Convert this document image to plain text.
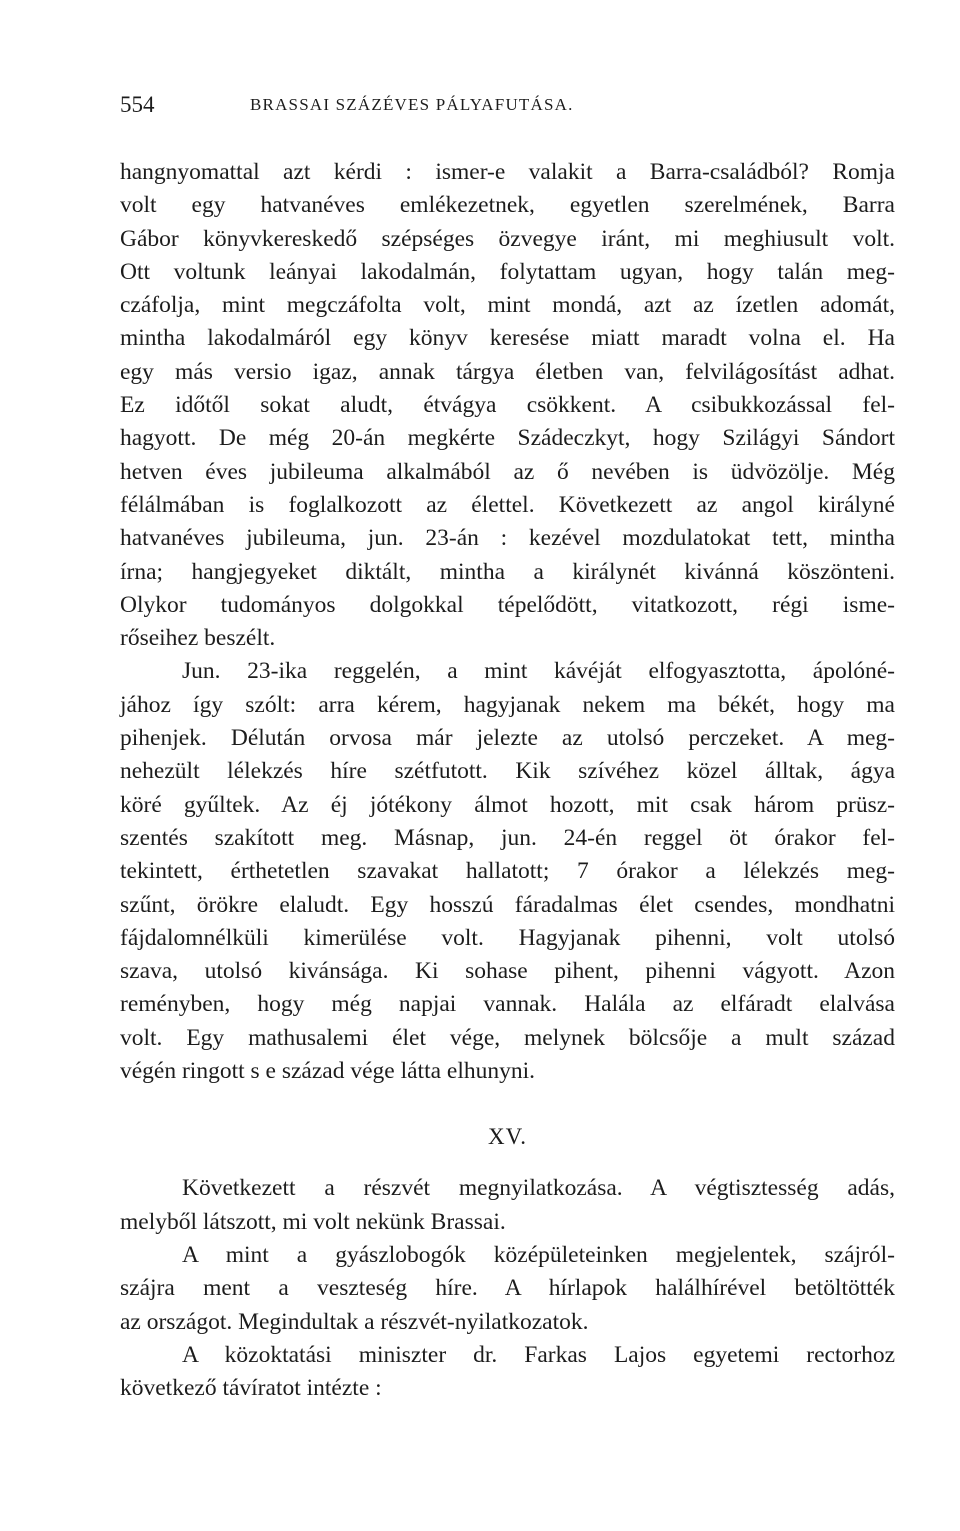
554	BRASSAI SZÁZÉVES PÁLYAFUTÁSA.
hangnyomattal azt kérdi : ismer-e valakit a Barra-családból? Romja
volt egy hatvanéves emlékezetnek, egyetlen szerelmének, Barra
Gábor könyvkereskedő szépséges özvegye iránt, mi meghiusult volt.
Ott voltunk leányai lakodalmán, folytattam ugyan, hogy talán meg-
czáfolja, mint megczáfolta volt, mint mondá, azt az ízetlen adomát,
mintha lakodalmáról egy könyv keresése miatt maradt volna el. Ha
egy más versio igaz, annak tárgya életben van, felvilágosítást adhat.
Ez időtől sokat aludt, étvágya csökkent. A csibukkozással fel-
hagyott. De még 20-án megkérte Szádeczkyt, hogy Szilágyi Sándort
hetven éves jubileuma alkalmából az ő nevében is üdvözölje. Még
félálmában is foglalkozott az élettel. Következett az angol királyné
hatvanéves jubileuma, jun. 23-án : kezével mozdulatokat tett, mintha
írna; hangjegyeket diktált, mintha a királynét kivánná köszönteni.
Olykor tudományos dolgokkal tépelődött, vitatkozott, régi isme-
rőseihez beszélt.
Jun. 23-ika reggelén, a mint kávéját elfogyasztotta, ápolóné-
jához így szólt: arra kérem, hagyjanak nekem ma békét, hogy ma
pihenjek. Délután orvosa már jelezte az utolsó perczeket. A meg-
nehezült lélekzés híre szétfutott. Kik szívéhez közel álltak, ágya
köré gyűltek. Az éj jótékony álmot hozott, mit csak három prüsz-
szentés szakított meg. Másnap, jun. 24-én reggel öt órakor fel-
tekintett, érthetetlen szavakat hallatott; 7 órakor a lélekzés meg-
szűnt, örökre elaludt. Egy hosszú fáradalmas élet csendes, mondhatni
fájdalomnélküli kimerülése volt. Hagyjanak pihenni, volt utolsó
szava, utolsó kivánsága. Ki sohase pihent, pihenni vágyott. Azon
reményben, hogy még napjai vannak. Halála az elfáradt elalvása
volt. Egy mathusalemi élet vége, melynek bölcsője a mult század
végén ringott s e század vége látta elhunyni.
XV.
Következett a részvét megnyilatkozása. A végtisztesség adás,
melyből látszott, mi volt nekünk Brassai.
A mint a gyászlobogók középületeinken megjelentek, szájról-
szájra ment a veszteség híre. A hírlapok halálhírével betöltötték
az országot. Megindultak a részvét-nyilatkozatok.
A közoktatási miniszter dr. Farkas Lajos egyetemi rectorhoz
következő távíratot intézte :
